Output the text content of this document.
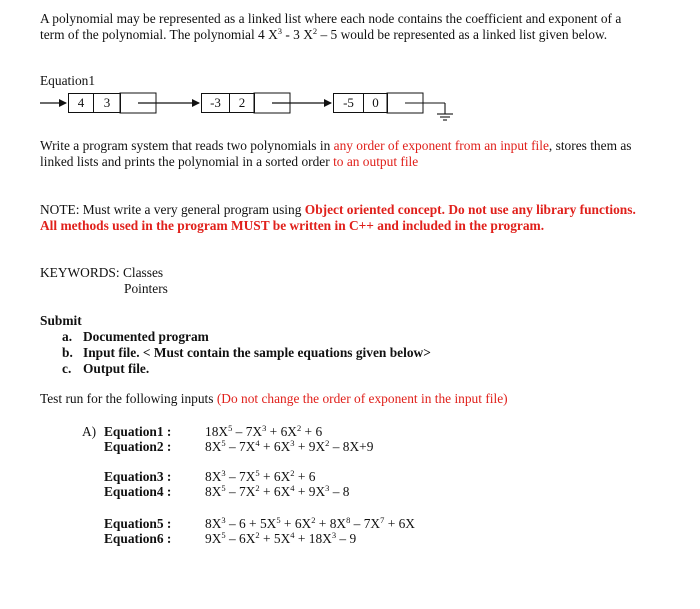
A polynomial may be represented as a linked list where each node contains the coefficient and exponent of a
term of the polynomial. The polynomial 4 $X^3 - 3$ $X^2 - 5$ would be represented as a linked list given below.
Equation1
4	3	-3	2	-5	0
Write a program system that reads two polynomials in any order of exponent from an input file, stores them as
linked lists and prints the polynomial in a sorted order to an output file
NOTE: Must write a very general program using Object oriented concept. Do not use any library functions.
All methods used in the program MUST be written in C++ and included in the program.
KEYWORDS: Classes
Pointers
Submit
a. Documented program
b. Input file. < Must contain the sample equations given below>
c. Output file.
Test run for the following inputs (Do not change the order of exponent in the input file)
A) Equation1 :	$18X^5 - 7X^3 + 6X^2 + 6$
Equation2 :	$8X^5 - 7X^4 + 6X^3 + 9X^2 - 8X+9$
Equation3 :	$8X^3 - 7X^5 + 6X^2 + 6$
Equation4 :	$8X^5 - 7X^2 + 6X^4 + 9X^3 - 8$
Equation5 :	$8X^3 - 6 + 5X^5 + 6X^2 + 8X^8 - 7X^7 + 6X$
Equation6 :	$9X^5 - 6X^2 + 5X^4 + 18X^3 - 9$
